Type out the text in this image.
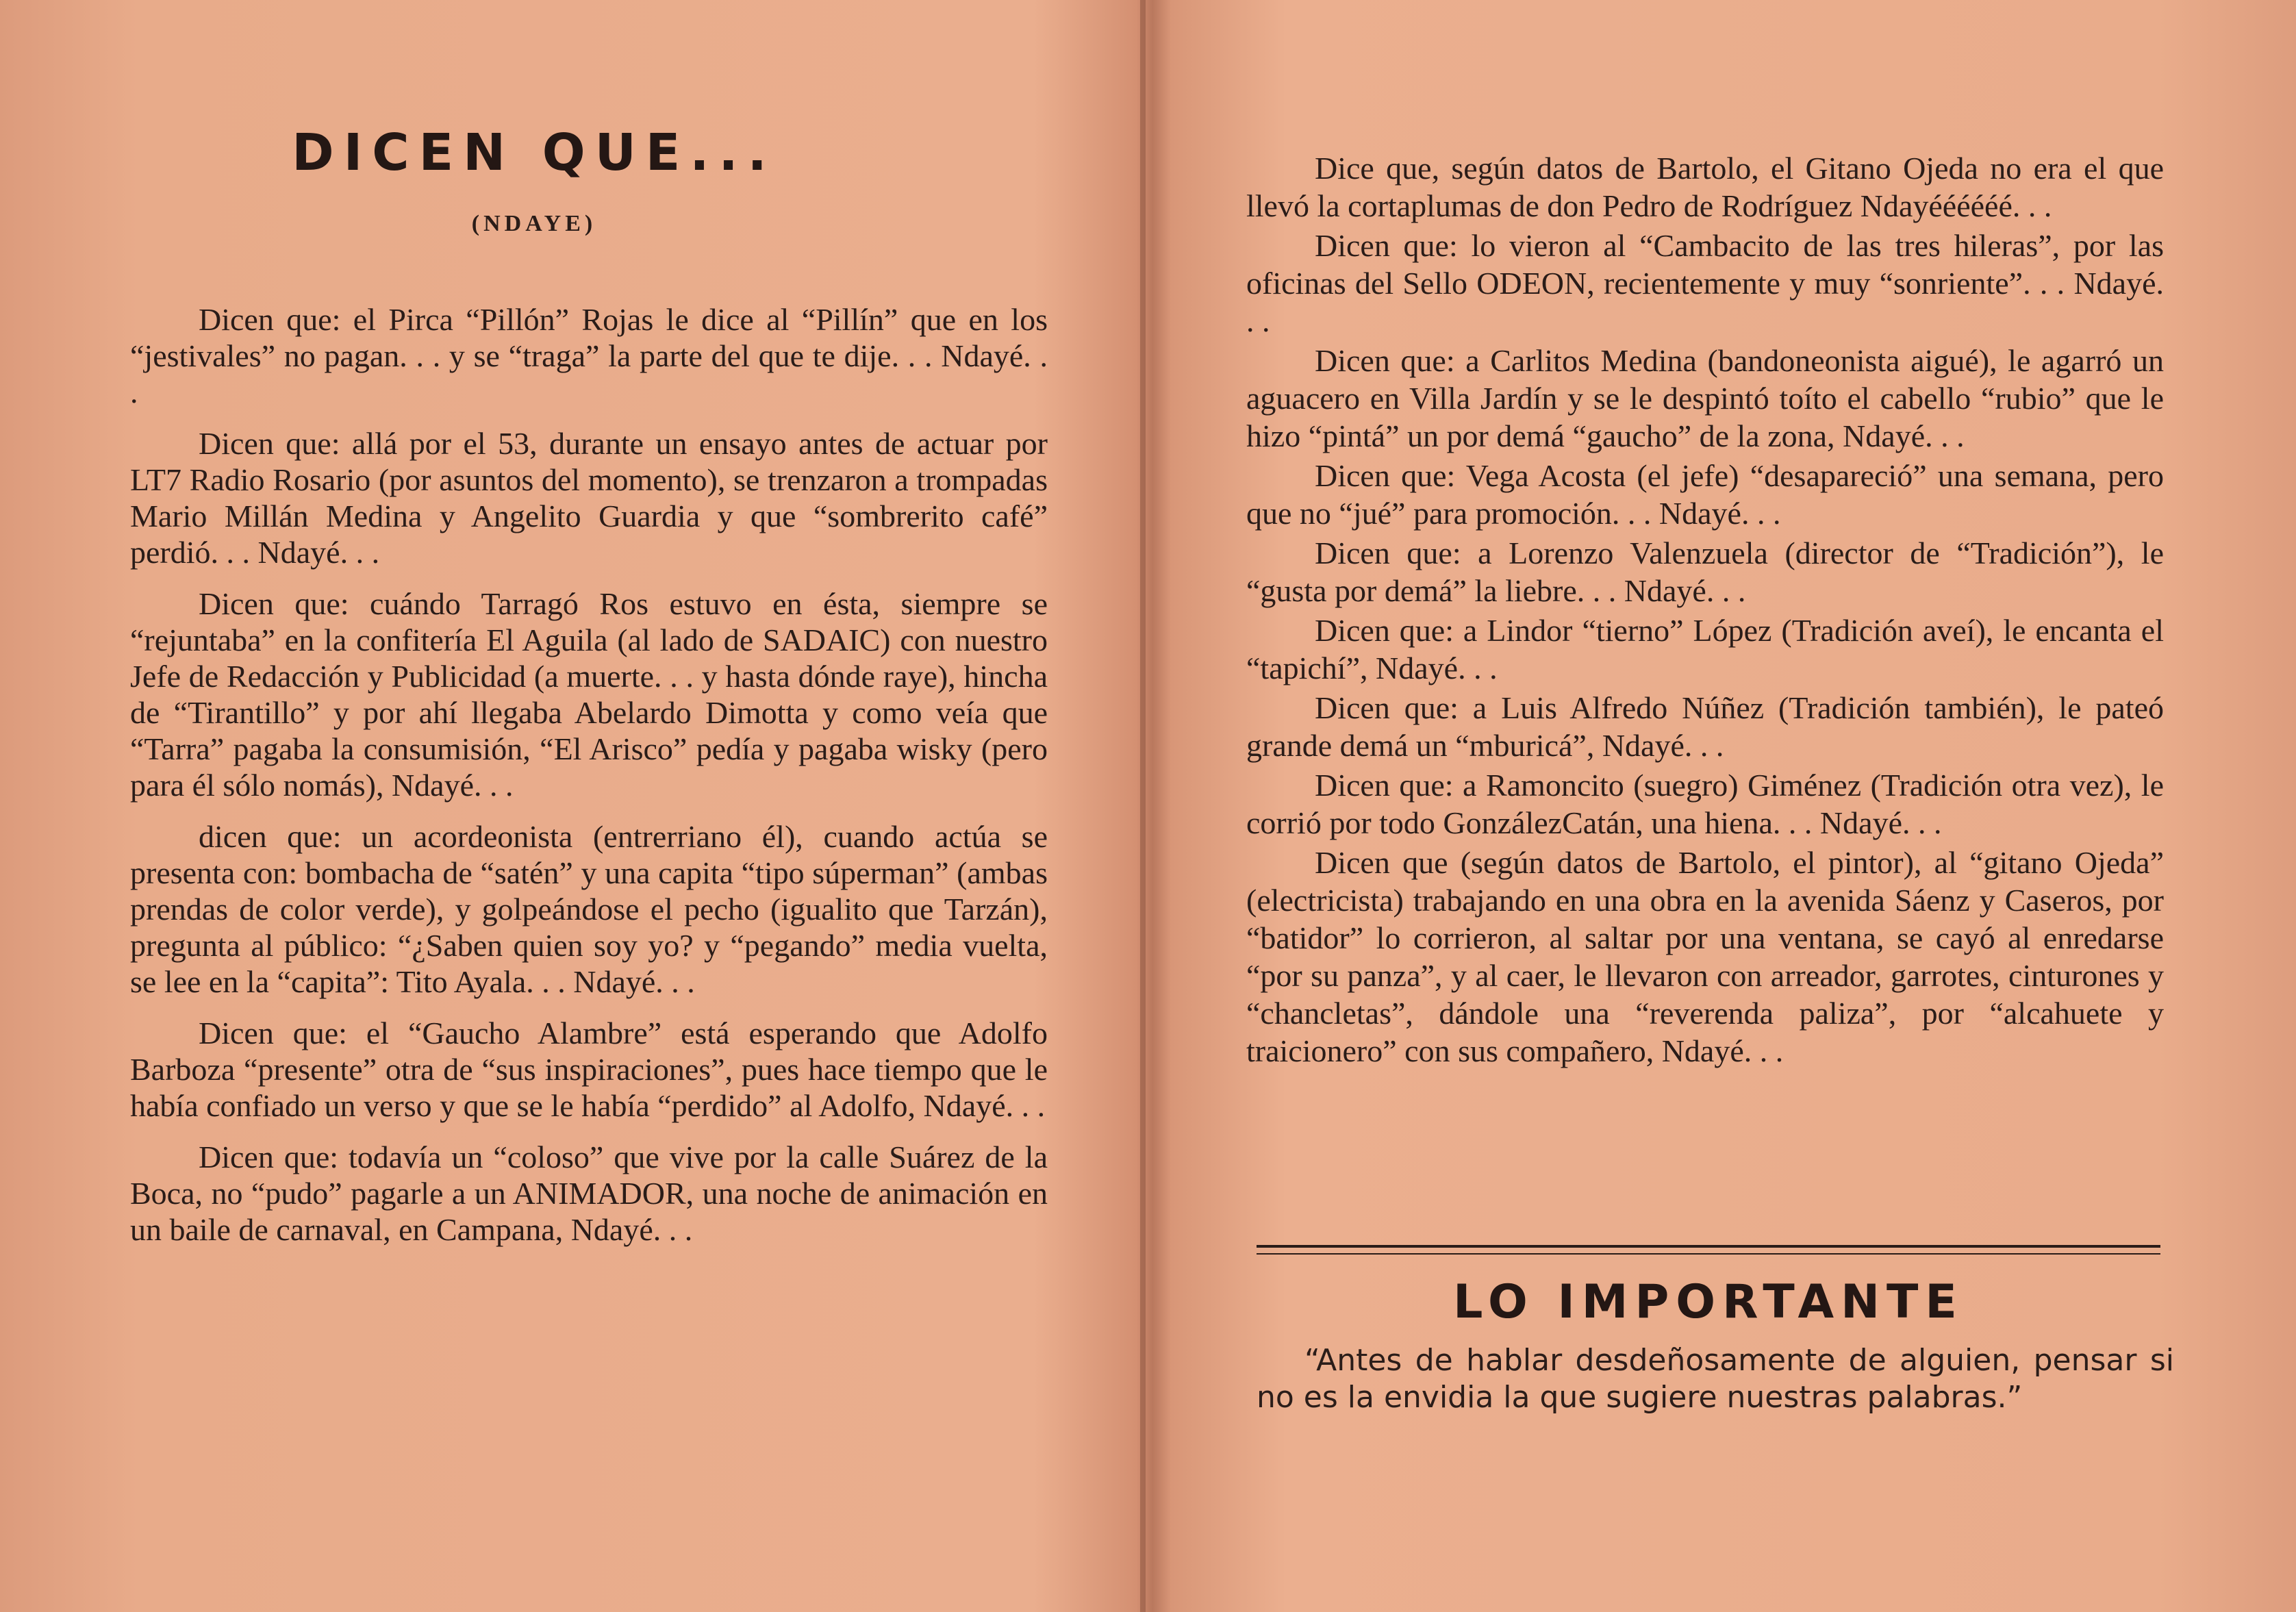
DICEN QUE...
(NDAYE)

Dicen que: el Pirca “Pillón” Rojas le dice al “Pillín” que en los “jestivales” no pagan. . . y se “traga” la parte del que te dije. . . Ndayé. . .

Dicen que: allá por el 53, durante un ensayo antes de actuar por LT7 Radio Rosario (por asuntos del momento), se trenzaron a trompadas Mario Millán Medina y Angelito Guardia y que “sombrerito café” perdió. . . Ndayé. . .

Dicen que: cuándo Tarragó Ros estuvo en ésta, siempre se “rejuntaba” en la confitería El Aguila (al lado de SADAIC) con nuestro Jefe de Redacción y Publicidad (a muerte. . . y hasta dónde raye), hincha de “Tirantillo” y por ahí llegaba Abelardo Dimotta y como veía que “Tarra” pagaba la consumisión, “El Arisco” pedía y pagaba wisky (pero para él sólo nomás), Ndayé. . .

dicen que: un acordeonista (entrerriano él), cuando actúa se presenta con: bombacha de “satén” y una capita “tipo súperman” (ambas prendas de color verde), y golpeándose el pecho (igualito que Tarzán), pregunta al público: “¿Saben quien soy yo? y “pegando” media vuelta, se lee en la “capita”: Tito Ayala. . . Ndayé. . .

Dicen que: el “Gaucho Alambre” está esperando que Adolfo Barboza “presente” otra de “sus inspiraciones”, pues hace tiempo que le había confiado un verso y que se le había “perdido” al Adolfo, Ndayé. . .

Dicen que: todavía un “coloso” que vive por la calle Suárez de la Boca, no “pudo” pagarle a un ANIMADOR, una noche de animación en un baile de carnaval, en Campana, Ndayé. . .

Dice que, según datos de Bartolo, el Gitano Ojeda no era el que llevó la cortaplumas de don Pedro de Rodríguez Ndayéééééé. . .

Dicen que: lo vieron al “Cambacito de las tres hileras”, por las oficinas del Sello ODEON, recientemente y muy “sonriente”. . . Ndayé. . .

Dicen que: a Carlitos Medina (bandoneonista aigué), le agarró un aguacero en Villa Jardín y se le despintó toíto el cabello “rubio” que le hizo “pintá” un por demá “gaucho” de la zona, Ndayé. . .

Dicen que: Vega Acosta (el jefe) “desapareció” una semana, pero que no “jué” para promoción. . . Ndayé. . .

Dicen que: a Lorenzo Valenzuela (director de “Tradición”), le “gusta por demá” la liebre. . . Ndayé. . .

Dicen que: a Lindor “tierno” López (Tradición aveí), le encanta el “tapichí”, Ndayé. . .

Dicen que: a Luis Alfredo Núñez (Tradición también), le pateó grande demá un “mburicá”, Ndayé. . .

Dicen que: a Ramoncito (suegro) Giménez (Tradición otra vez), le corrió por todo GonzálezCatán, una hiena. . . Ndayé. . .

Dicen que (según datos de Bartolo, el pintor), al “gitano Ojeda” (electricista) trabajando en una obra en la avenida Sáenz y Caseros, por “batidor” lo corrieron, al saltar por una ventana, se cayó al enredarse “por su panza”, y al caer, le llevaron con arreador, garrotes, cinturones y “chancletas”, dándole una “reverenda paliza”, por “alcahuete y traicionero” con sus compañero, Ndayé. . .

LO IMPORTANTE
“Antes de hablar desdeñosamente de alguien, pensar si no es la envidia la que sugiere nuestras palabras.”
